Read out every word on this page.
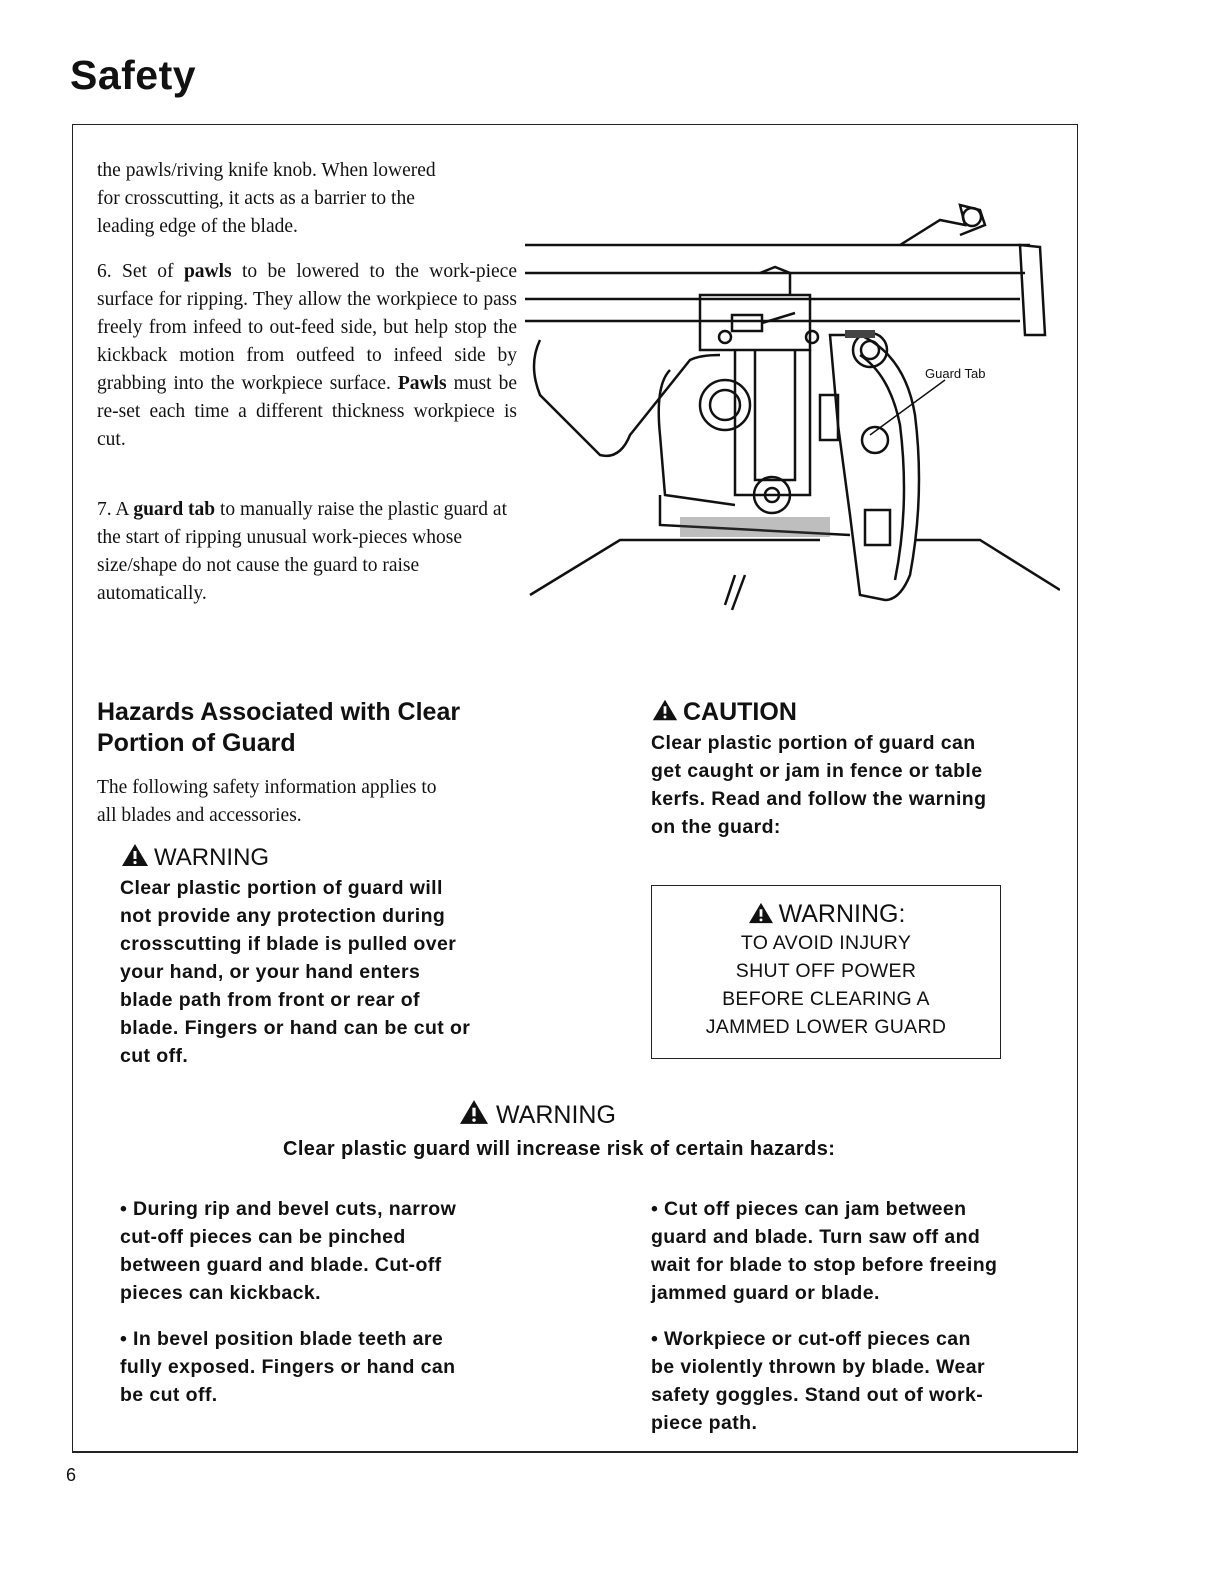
Safety
the pawls/riving knife knob. When lowered
for crosscutting, it acts as a barrier to the
leading edge of the blade.
6. Set of pawls to be lowered to the work-piece surface for ripping. They allow the workpiece to pass freely from infeed to out-feed side, but help stop the kickback motion from outfeed to infeed side by grabbing into the workpiece surface. Pawls must be re-set each time a different thickness workpiece is cut.
7. A guard tab to manually raise the plastic guard at the start of ripping unusual work-pieces whose size/shape do not cause the guard to raise automatically.
Guard Tab
Hazards Associated with Clear
Portion of Guard
The following safety information applies to
all blades and accessories.
WARNING
Clear plastic portion of guard will
not provide any protection during
crosscutting if blade is pulled over
your hand, or your hand enters
blade path from front or rear of
blade. Fingers or hand can be cut or
cut off.
CAUTION
Clear plastic portion of guard can
get caught or jam in fence or table
kerfs. Read and follow the warning
on the guard:
WARNING:
TO AVOID INJURY
SHUT OFF POWER
BEFORE CLEARING A
JAMMED LOWER GUARD
WARNING
Clear plastic guard will increase risk of certain hazards:
• During rip and bevel cuts, narrow
cut-off pieces can be pinched
between guard and blade. Cut-off
pieces can kickback.
• In bevel position blade teeth are
fully exposed. Fingers or hand can
be cut off.
• Cut off pieces can jam between
guard and blade. Turn saw off and
wait for blade to stop before freeing
jammed guard or blade.
• Workpiece or cut-off pieces can
be violently thrown by blade. Wear
safety goggles. Stand out of work-
piece path.
6
